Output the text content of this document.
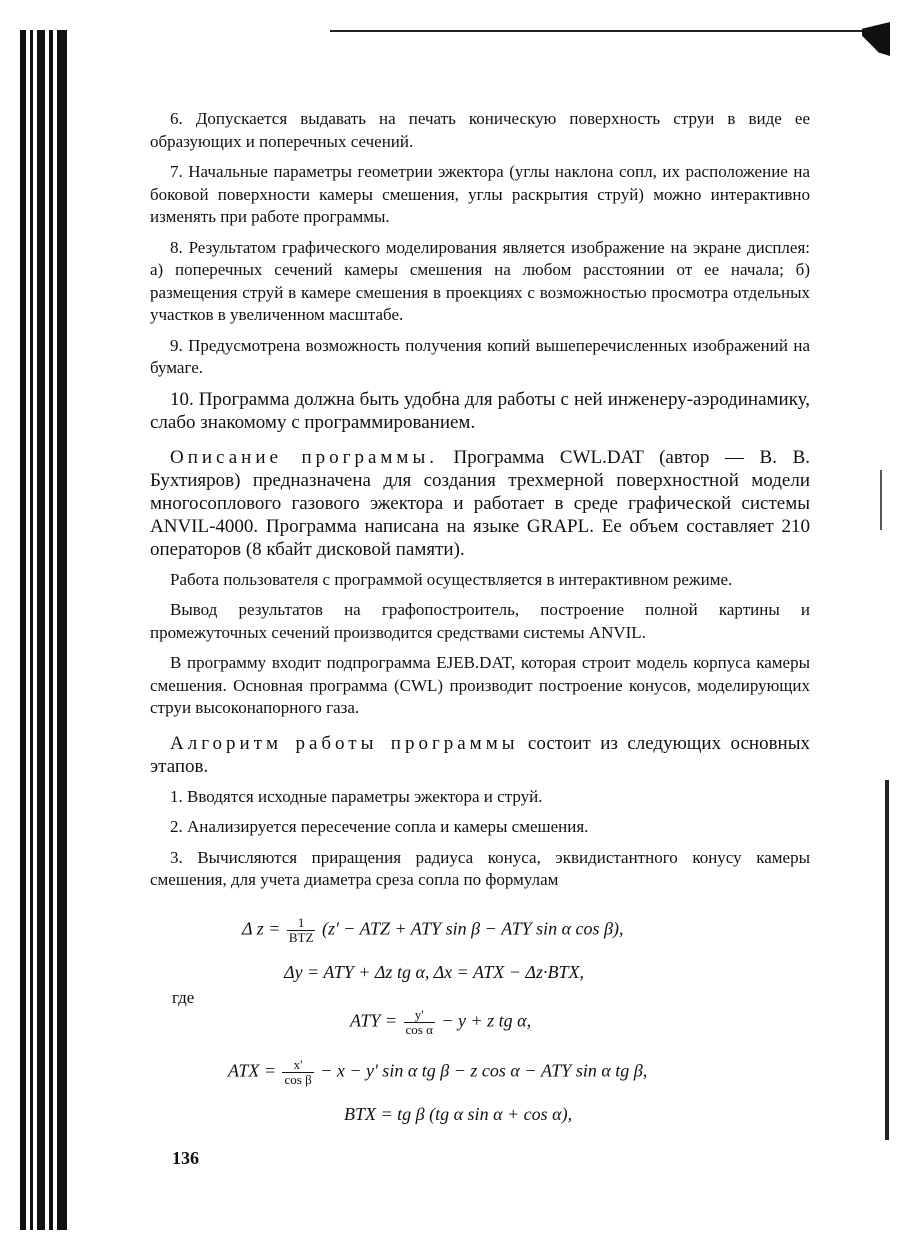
6. Допускается выдавать на печать коническую поверхность струи в виде ее образующих и поперечных сечений.

7. Начальные параметры геометрии эжектора (углы наклона сопл, их расположение на боковой поверхности камеры смешения, углы раскрытия струй) можно интерактивно изменять при работе программы.

8. Результатом графического моделирования является изображение на экране дисплея: а) поперечных сечений камеры смешения на любом расстоянии от ее начала; б) размещения струй в камере смешения в проекциях с возможностью просмотра отдельных участков в увеличенном масштабе.

9. Предусмотрена возможность получения копий вышеперечисленных изображений на бумаге.

10. Программа должна быть удобна для работы с ней инженеру-аэродинамику, слабо знакомому с программированием.

Описание программы. Программа CWL.DAT (автор — В. В. Бухтияров) предназначена для создания трехмерной поверхностной модели многосоплового газового эжектора и работает в среде графической системы ANVIL-4000. Программа написана на языке GRAPL. Ее объем составляет 210 операторов (8 кбайт дисковой памяти).

Работа пользователя с программой осуществляется в интерактивном режиме.

Вывод результатов на графопостроитель, построение полной картины и промежуточных сечений производится средствами системы ANVIL.

В программу входит подпрограмма EJEB.DAT, которая строит модель корпуса камеры смешения. Основная программа (CWL) производит построение конусов, моделирующих струи высоконапорного газа.

Алгоритм работы программы состоит из следующих основных этапов.

1. Вводятся исходные параметры эжектора и струй.

2. Анализируется пересечение сопла и камеры смешения.

3. Вычисляются приращения радиуса конуса, эквидистантного конусу камеры смешения, для учета диаметра среза сопла по формулам

Δ $z = \frac{1}{\text{BTZ}} (z'$ − ATZ + ATY sin β − ATY sin α cos β),
Δy = ATY + Δz tg α, Δx = ATX − Δz·BTX,
где
ATY = $\frac{y'}{\text{cos α}} - y + z$ tg α,
ATX = $\frac{x'}{\text{cos β}} - x - y'$ sin α tg β − z cos α − ATY sin α tg β,
BTX = tg β (tg α sin α + cos α),
136
